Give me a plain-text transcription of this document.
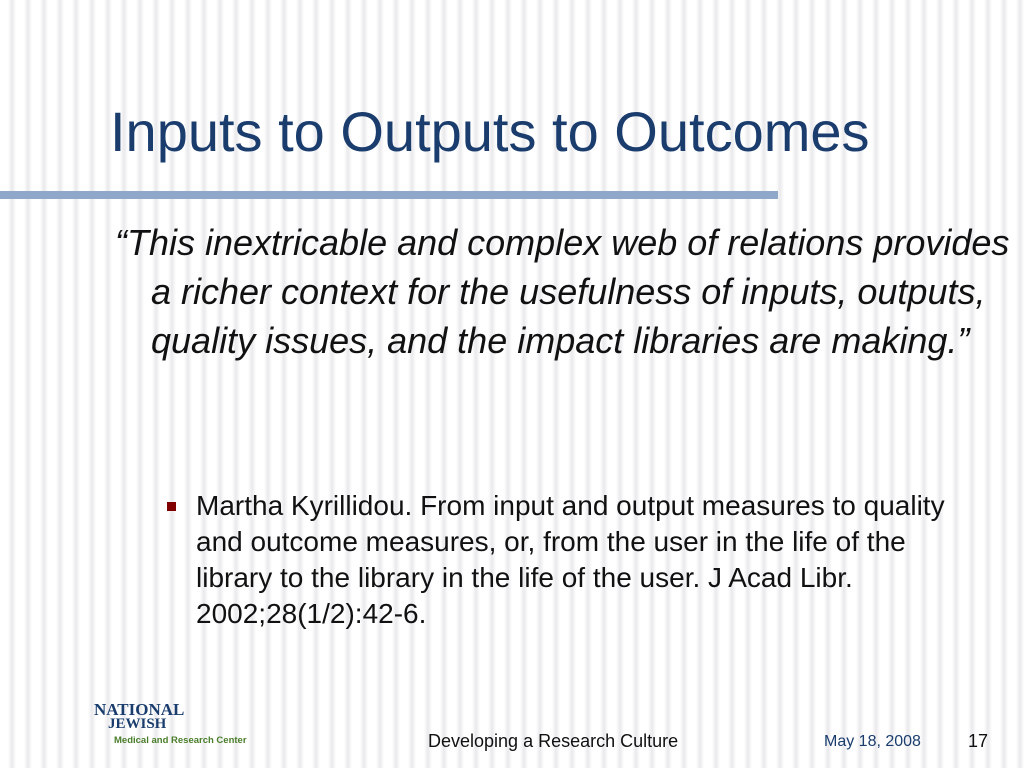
Inputs to Outputs to Outcomes
“This inextricable and complex web of relations provides a richer context for the usefulness of inputs, outputs, quality issues, and the impact libraries are making.”
Martha Kyrillidou. From input and output measures to quality and outcome measures, or, from the user in the life of the library to the library in the life of the user. J Acad Libr. 2002;28(1/2):42-6.
NATIONAL
JEWISH
Medical and Research Center	Developing a Research Culture	May 18, 2008	17
